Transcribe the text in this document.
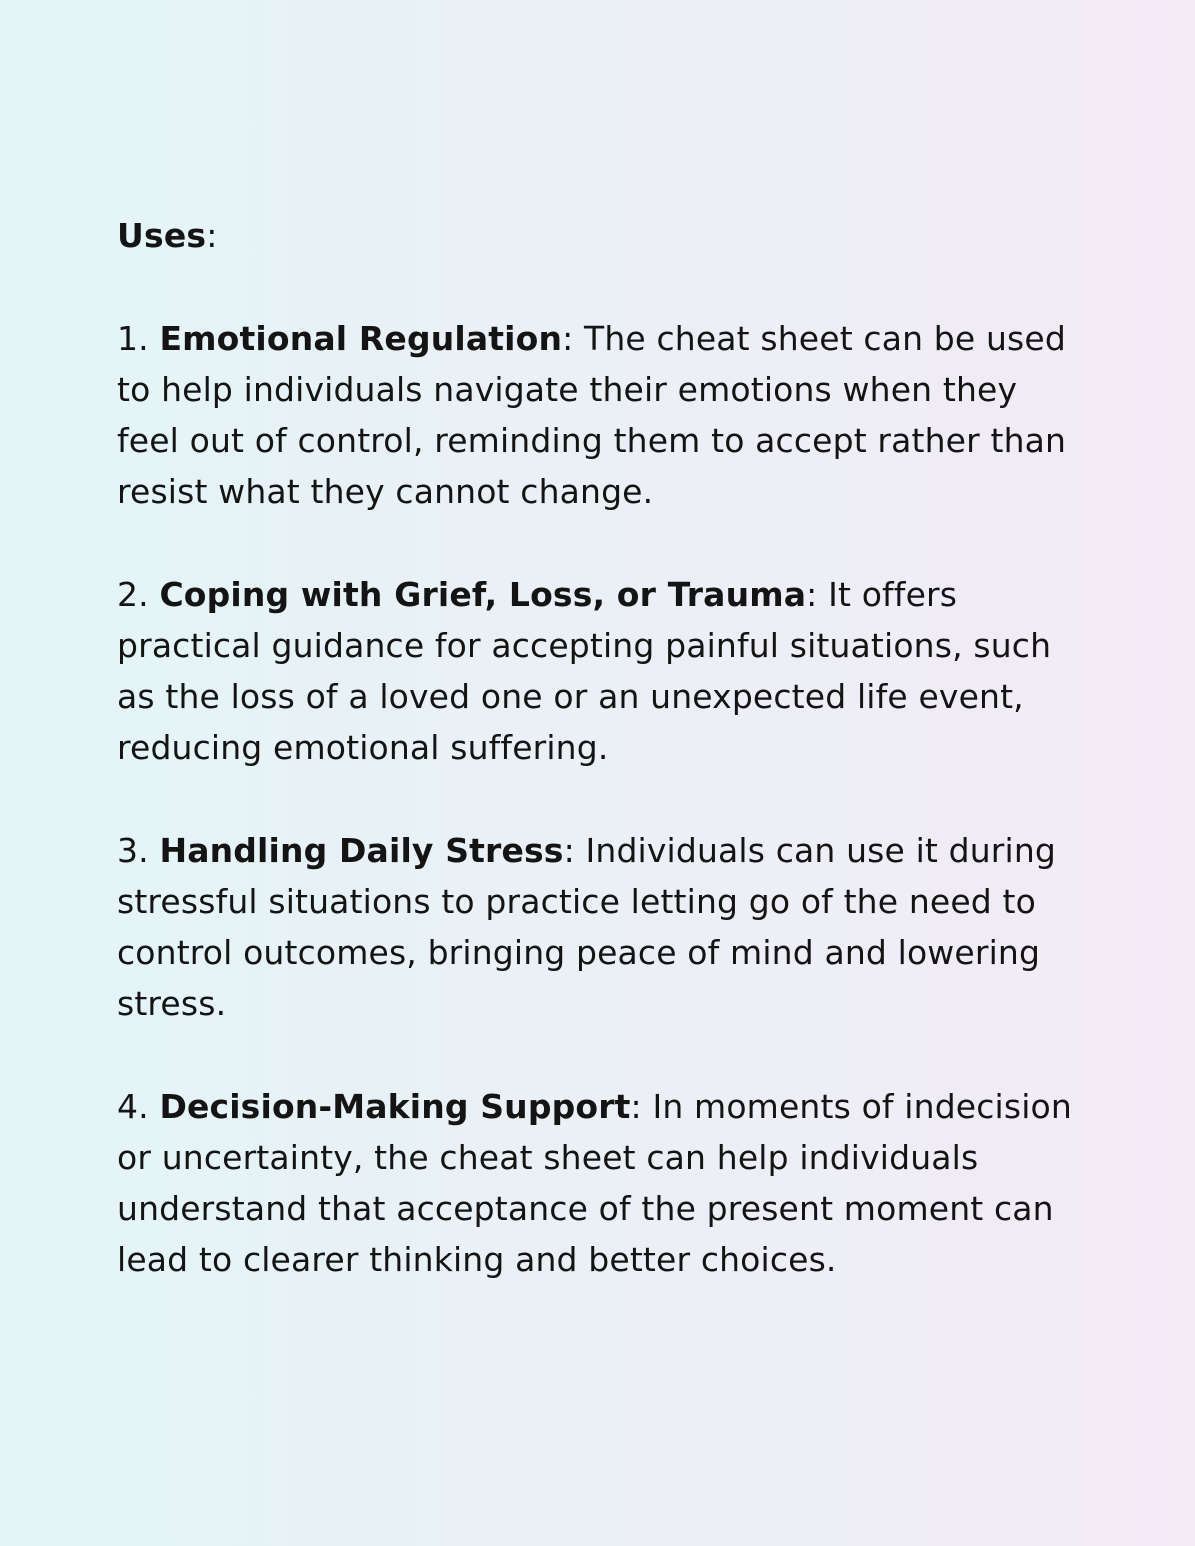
Uses:
1. Emotional Regulation: The cheat sheet can be used to help individuals navigate their emotions when they feel out of control, reminding them to accept rather than resist what they cannot change.
2. Coping with Grief, Loss, or Trauma: It offers practical guidance for accepting painful situations, such as the loss of a loved one or an unexpected life event, reducing emotional suffering.
3. Handling Daily Stress: Individuals can use it during stressful situations to practice letting go of the need to control outcomes, bringing peace of mind and lowering stress.
4. Decision-Making Support: In moments of indecision or uncertainty, the cheat sheet can help individuals understand that acceptance of the present moment can lead to clearer thinking and better choices.
